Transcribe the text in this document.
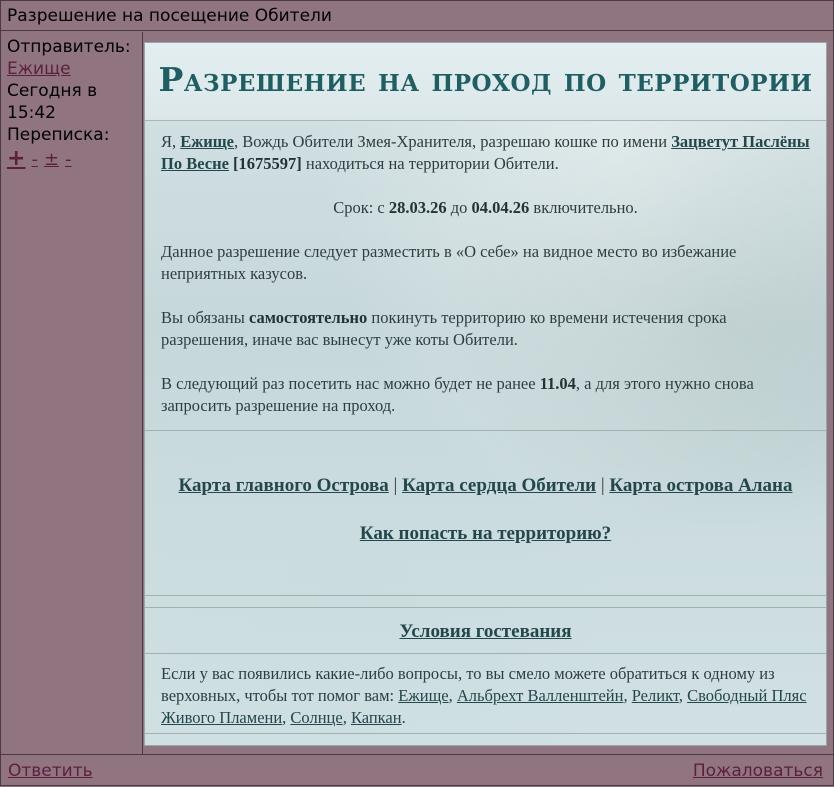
Разрешение на посещение Обители
Отправитель:
Ежище
Сегодня в
15:42
Переписка:
+ - ± -
Разрешение на проход по территории

Я, Ежище, Вождь Обители Змея-Хранителя, разрешаю кошке по имени Зацветут Паслёны По Весне [1675597] находиться на территории Обители.

Срок: с 28.03.26 до 04.04.26 включительно.

Данное разрешение следует разместить в «О себе» на видное место во избежание неприятных казусов.

Вы обязаны самостоятельно покинуть территорию ко времени истечения срока разрешения, иначе вас вынесут уже коты Обители.

В следующий раз посетить нас можно будет не ранее 11.04, а для этого нужно снова запросить разрешение на проход.

Карта главного Острова | Карта сердца Обители | Карта острова Алана
Как попасть на территорию?
Условия гостевания
Если у вас появились какие-либо вопросы, то вы смело можете обратиться к одному из верховных, чтобы тот помог вам: Ежище, Альбрехт Валленштейн, Реликт, Свободный Пляс Живого Пламени, Солнце, Капкан.
Ответить	Пожаловаться
